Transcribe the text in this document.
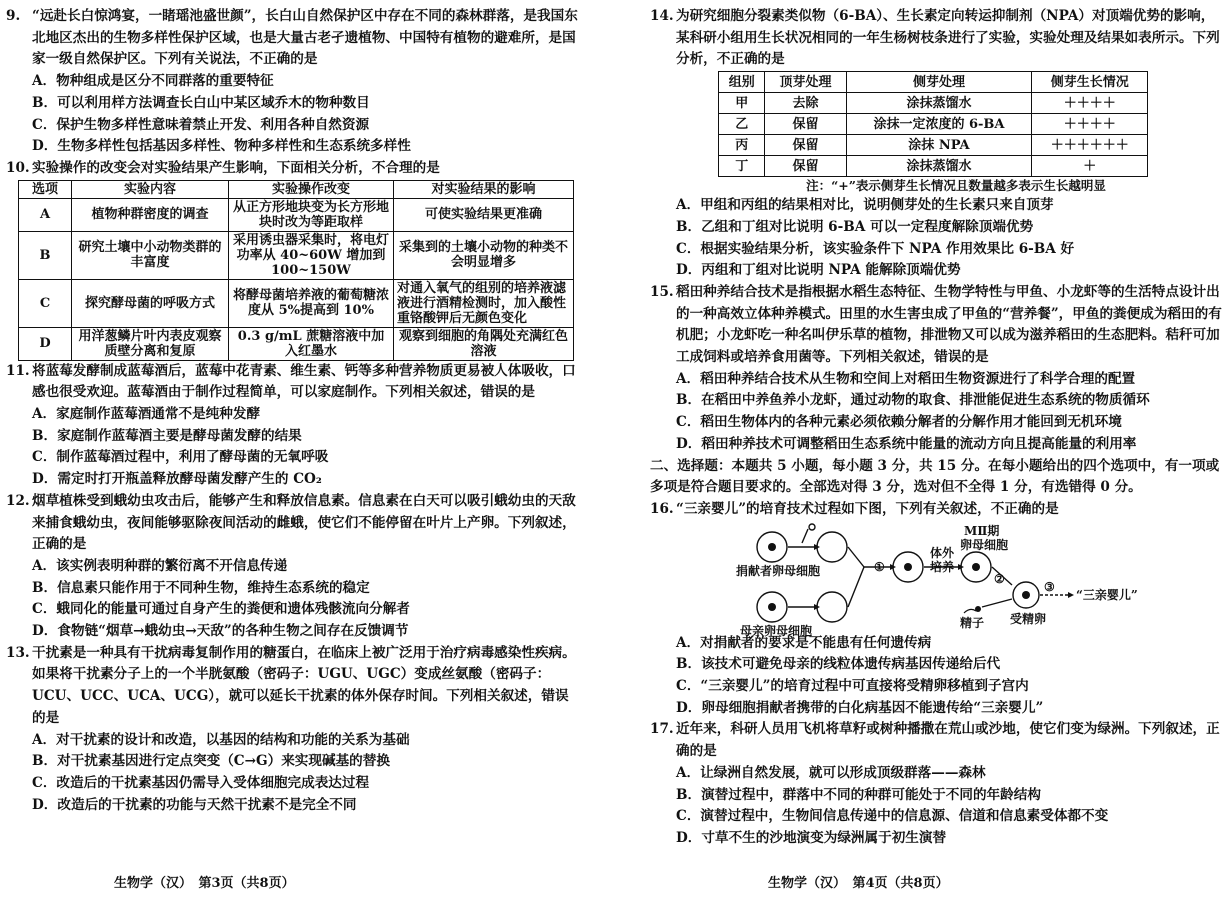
9. “远赴长白惊鸿宴，一睹瑶池盛世颜”，长白山自然保护区中存在不同的森林群落，是我国东北地区杰出的生物多样性保护区域，也是大量古老孑遗植物、中国特有植物的避难所，是国家一级自然保护区。下列有关说法，不正确的是
A．物种组成是区分不同群落的重要特征
B．可以利用样方法调查长白山中某区域乔木的物种数目
C．保护生物多样性意味着禁止开发、利用各种自然资源
D．生物多样性包括基因多样性、物种多样性和生态系统多样性
10. 实验操作的改变会对实验结果产生影响，下面相关分析，不合理的是
选项	实验内容	实验操作改变	对实验结果的影响
A	植物种群密度的调查	从正方形地块变为长方形地块时改为等距取样	可使实验结果更准确
B	研究土壤中小动物类群的丰富度	采用诱虫器采集时，将电灯功率从 40~60W 增加到 100~150W	采集到的土壤小动物的种类不会明显增多
C	探究酵母菌的呼吸方式	将酵母菌培养液的葡萄糖浓度从 5%提高到 10%	对通入氧气的组别的培养液滤液进行酒精检测时，加入酸性重铬酸钾后无颜色变化
D	用洋葱鳞片叶内表皮观察质壁分离和复原	0.3 g/mL 蔗糖溶液中加入红墨水	观察到细胞的角隅处充满红色溶液
11. 将蓝莓发酵制成蓝莓酒后，蓝莓中花青素、维生素、钙等多种营养物质更易被人体吸收，口感也很受欢迎。蓝莓酒由于制作过程简单，可以家庭制作。下列相关叙述，错误的是
A．家庭制作蓝莓酒通常不是纯种发酵
B．家庭制作蓝莓酒主要是酵母菌发酵的结果
C．制作蓝莓酒过程中，利用了酵母菌的无氧呼吸
D．需定时打开瓶盖释放酵母菌发酵产生的 CO₂
12. 烟草植株受到蛾幼虫攻击后，能够产生和释放信息素。信息素在白天可以吸引蛾幼虫的天敌来捕食蛾幼虫，夜间能够驱除夜间活动的雌蛾，使它们不能停留在叶片上产卵。下列叙述，正确的是
A．该实例表明种群的繁衍离不开信息传递
B．信息素只能作用于不同种生物，维持生态系统的稳定
C．蛾同化的能量可通过自身产生的粪便和遗体残骸流向分解者
D．食物链“烟草→蛾幼虫→天敌”的各种生物之间存在反馈调节
13. 干扰素是一种具有干扰病毒复制作用的糖蛋白，在临床上被广泛用于治疗病毒感染性疾病。如果将干扰素分子上的一个半胱氨酸（密码子：UGU、UGC）变成丝氨酸（密码子：UCU、UCC、UCA、UCG），就可以延长干扰素的体外保存时间。下列相关叙述，错误的是
A．对干扰素的设计和改造，以基因的结构和功能的关系为基础
B．对干扰素基因进行定点突变（C→G）来实现碱基的替换
C．改造后的干扰素基因仍需导入受体细胞完成表达过程
D．改造后的干扰素的功能与天然干扰素不是完全不同
14. 为研究细胞分裂素类似物（6-BA）、生长素定向转运抑制剂（NPA）对顶端优势的影响，某科研小组用生长状况相同的一年生杨树枝条进行了实验，实验处理及结果如表所示。下列分析，不正确的是
组别	顶芽处理	侧芽处理	侧芽生长情况
甲	去除	涂抹蒸馏水	＋＋＋＋
乙	保留	涂抹一定浓度的 6-BA	＋＋＋＋
丙	保留	涂抹 NPA	＋＋＋＋＋＋
丁	保留	涂抹蒸馏水	＋
注：“+”表示侧芽生长情况且数量越多表示生长越明显
A．甲组和丙组的结果相对比，说明侧芽处的生长素只来自顶芽
B．乙组和丁组对比说明 6-BA 可以一定程度解除顶端优势
C．根据实验结果分析，该实验条件下 NPA 作用效果比 6-BA 好
D．丙组和丁组对比说明 NPA 能解除顶端优势
15. 稻田种养结合技术是指根据水稻生态特征、生物学特性与甲鱼、小龙虾等的生活特点设计出的一种高效立体种养模式。田里的水生害虫成了甲鱼的“营养餐”，甲鱼的粪便成为稻田的有机肥；小龙虾吃一种名叫伊乐草的植物，排泄物又可以成为滋养稻田的生态肥料。秸秆可加工成饲料或培养食用菌等。下列相关叙述，错误的是
A．稻田种养结合技术从生物和空间上对稻田生物资源进行了科学合理的配置
B．在稻田中养鱼养小龙虾，通过动物的取食、排泄能促进生态系统的物质循环
C．稻田生物体内的各种元素必须依赖分解者的分解作用才能回到无机环境
D．稻田种养技术可调整稻田生态系统中能量的流动方向且提高能量的利用率
二、选择题：本题共 5 小题，每小题 3 分，共 15 分。在每小题给出的四个选项中，有一项或多项是符合题目要求的。全部选对得 3 分，选对但不全得 1 分，有选错得 0 分。
16. “三亲婴儿”的培育技术过程如下图，下列有关叙述，不正确的是
①
②
③
捐献者卵母细胞
母亲卵母细胞
体外
培养
MⅡ期
卵母细胞
精子 受精卵
“三亲婴儿”
A．对捐献者的要求是不能患有任何遗传病
B．该技术可避免母亲的线粒体遗传病基因传递给后代
C．“三亲婴儿”的培育过程中可直接将受精卵移植到子宫内
D．卵母细胞捐献者携带的白化病基因不能遗传给“三亲婴儿”
17. 近年来，科研人员用飞机将草籽或树种播撒在荒山或沙地，使它们变为绿洲。下列叙述，正确的是
A．让绿洲自然发展，就可以形成顶级群落——森林
B．演替过程中，群落中不同的种群可能处于不同的年龄结构
C．演替过程中，生物间信息传递中的信息源、信道和信息素受体都不变
D．寸草不生的沙地演变为绿洲属于初生演替
生物学（汉）　第3页（共8页）	生物学（汉）　第4页（共8页）
